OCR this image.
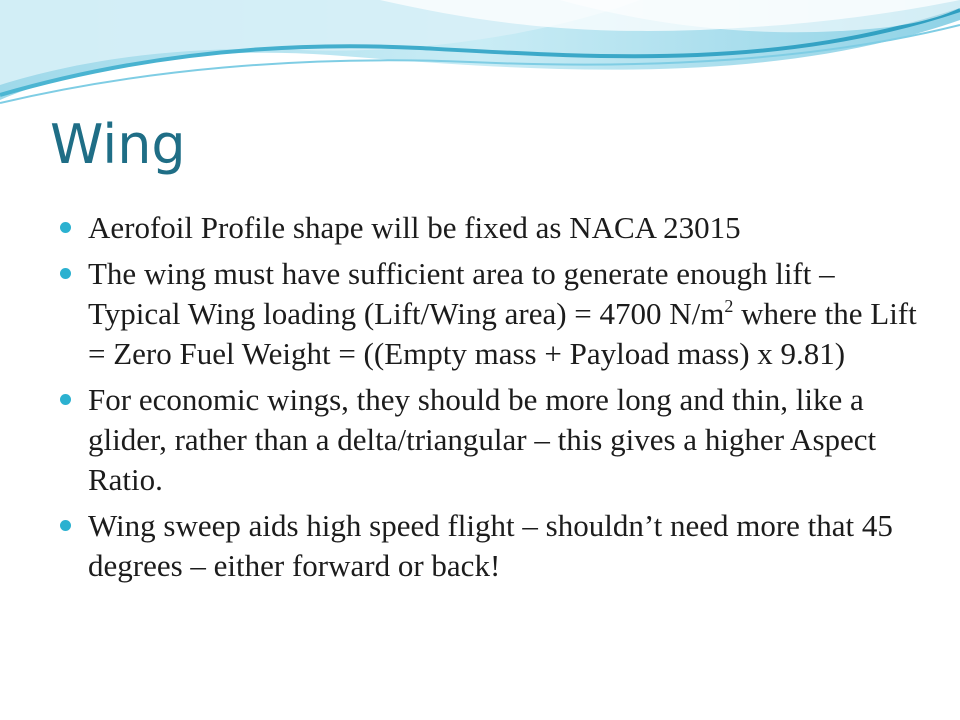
Wing
Aerofoil Profile shape will be fixed as NACA 23015
The wing must have sufficient area to generate enough lift – Typical Wing loading (Lift/Wing area) = 4700 $N/m^2$ where the Lift = Zero Fuel Weight = ((Empty mass + Payload mass) x 9.81)
For economic wings, they should be more long and thin, like a glider, rather than a delta/triangular – this gives a higher Aspect Ratio.
Wing sweep aids high speed flight – shouldn’t need more that 45 degrees – either forward or back!
